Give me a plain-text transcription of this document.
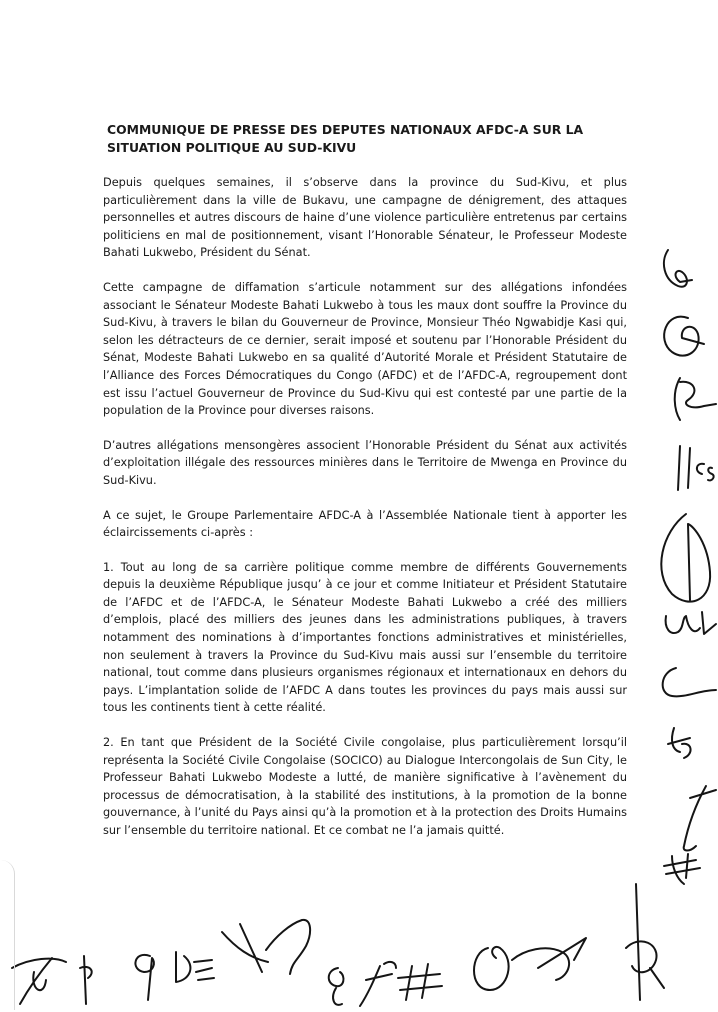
COMMUNIQUE DE PRESSE DES DEPUTES NATIONAUX AFDC-A SUR LA SITUATION POLITIQUE AU SUD-KIVU

Depuis quelques semaines, il s’observe dans la province du Sud-Kivu, et plus particulièrement dans la ville de Bukavu, une campagne de dénigrement, des attaques personnelles et autres discours de haine d’une violence particulière entretenus par certains politiciens en mal de positionnement, visant l’Honorable Sénateur, le Professeur Modeste Bahati Lukwebo, Président du Sénat.

Cette campagne de diffamation s’articule notamment sur des allégations infondées associant le Sénateur Modeste Bahati Lukwebo à tous les maux dont souffre la Province du Sud-Kivu, à travers le bilan du Gouverneur de Province, Monsieur Théo Ngwabidje Kasi qui, selon les détracteurs de ce dernier, serait imposé et soutenu par l’Honorable Président du Sénat, Modeste Bahati Lukwebo en sa qualité d’Autorité Morale et Président Statutaire de l’Alliance des Forces Démocratiques du Congo (AFDC) et de l’AFDC-A, regroupement dont est issu l’actuel Gouverneur de Province du Sud-Kivu qui est contesté par une partie de la population de la Province pour diverses raisons.

D’autres allégations mensongères associent l’Honorable Président du Sénat aux activités d’exploitation illégale des ressources minières dans le Territoire de Mwenga en Province du Sud-Kivu.

A ce sujet, le Groupe Parlementaire AFDC-A à l’Assemblée Nationale tient à apporter les éclaircissements ci-après :

1. Tout au long de sa carrière politique comme membre de différents Gouvernements depuis la deuxième République jusqu’ à ce jour et comme Initiateur et Président Statutaire de l’AFDC et de l’AFDC-A, le Sénateur Modeste Bahati Lukwebo a créé des milliers d’emplois, placé des milliers des jeunes dans les administrations publiques, à travers notamment des nominations à d’importantes fonctions administratives et ministérielles, non seulement à travers la Province du Sud-Kivu mais aussi sur l’ensemble du territoire national, tout comme dans plusieurs organismes régionaux et internationaux en dehors du pays. L’implantation solide de l’AFDC A dans toutes les provinces du pays mais aussi sur tous les continents tient à cette réalité.

2. En tant que Président de la Société Civile congolaise, plus particulièrement lorsqu’il représenta la Société Civile Congolaise (SOCICO) au Dialogue Intercongolais de Sun City, le Professeur Bahati Lukwebo Modeste a lutté, de manière significative à l’avènement du processus de démocratisation, à la stabilité des institutions, à la promotion de la bonne gouvernance, à l’unité du Pays ainsi qu’à la promotion et à la protection des Droits Humains sur l’ensemble du territoire national. Et ce combat ne l’a jamais quitté.
